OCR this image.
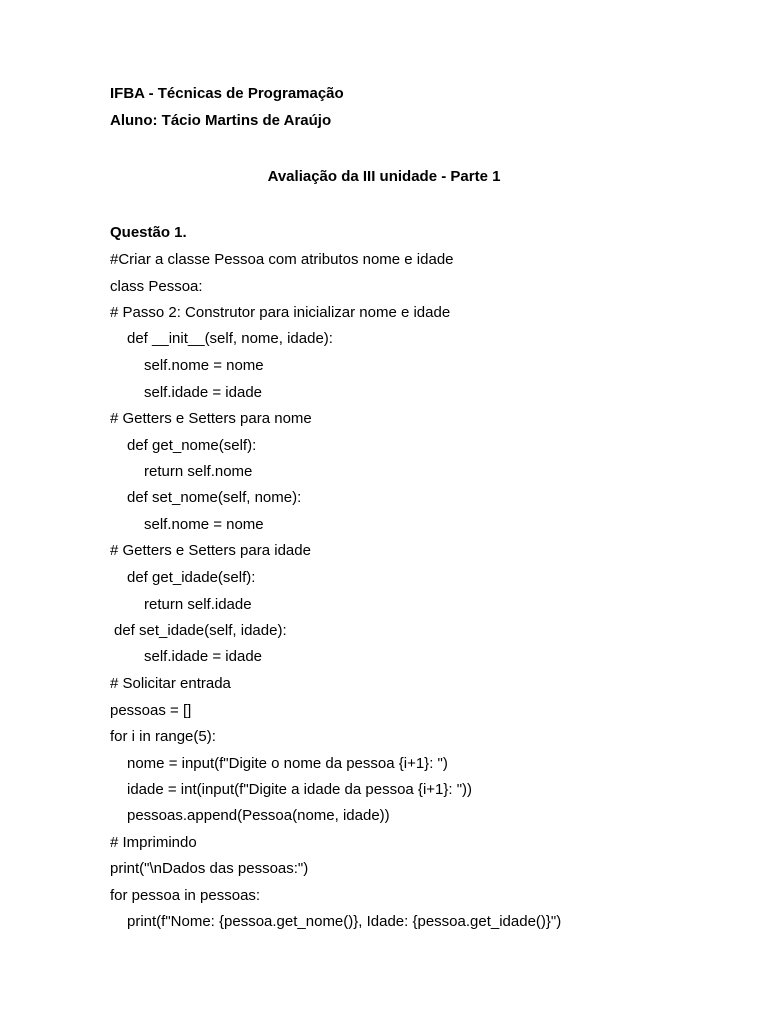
IFBA - Técnicas de Programação
Aluno: Tácio Martins de Araújo
Avaliação da III unidade - Parte 1
Questão 1.
#Criar a classe Pessoa com atributos nome e idade
class Pessoa:
# Passo 2: Construtor para inicializar nome e idade
def __init__(self, nome, idade):
self.nome = nome
self.idade = idade
# Getters e Setters para nome
def get_nome(self):
return self.nome
def set_nome(self, nome):
self.nome = nome
# Getters e Setters para idade
def get_idade(self):
return self.idade
def set_idade(self, idade):
self.idade = idade
# Solicitar entrada
pessoas = []
for i in range(5):
nome = input(f"Digite o nome da pessoa {i+1}: ")
idade = int(input(f"Digite a idade da pessoa {i+1}: "))
pessoas.append(Pessoa(nome, idade))
# Imprimindo
print("\nDados das pessoas:")
for pessoa in pessoas:
print(f"Nome: {pessoa.get_nome()}, Idade: {pessoa.get_idade()}")
